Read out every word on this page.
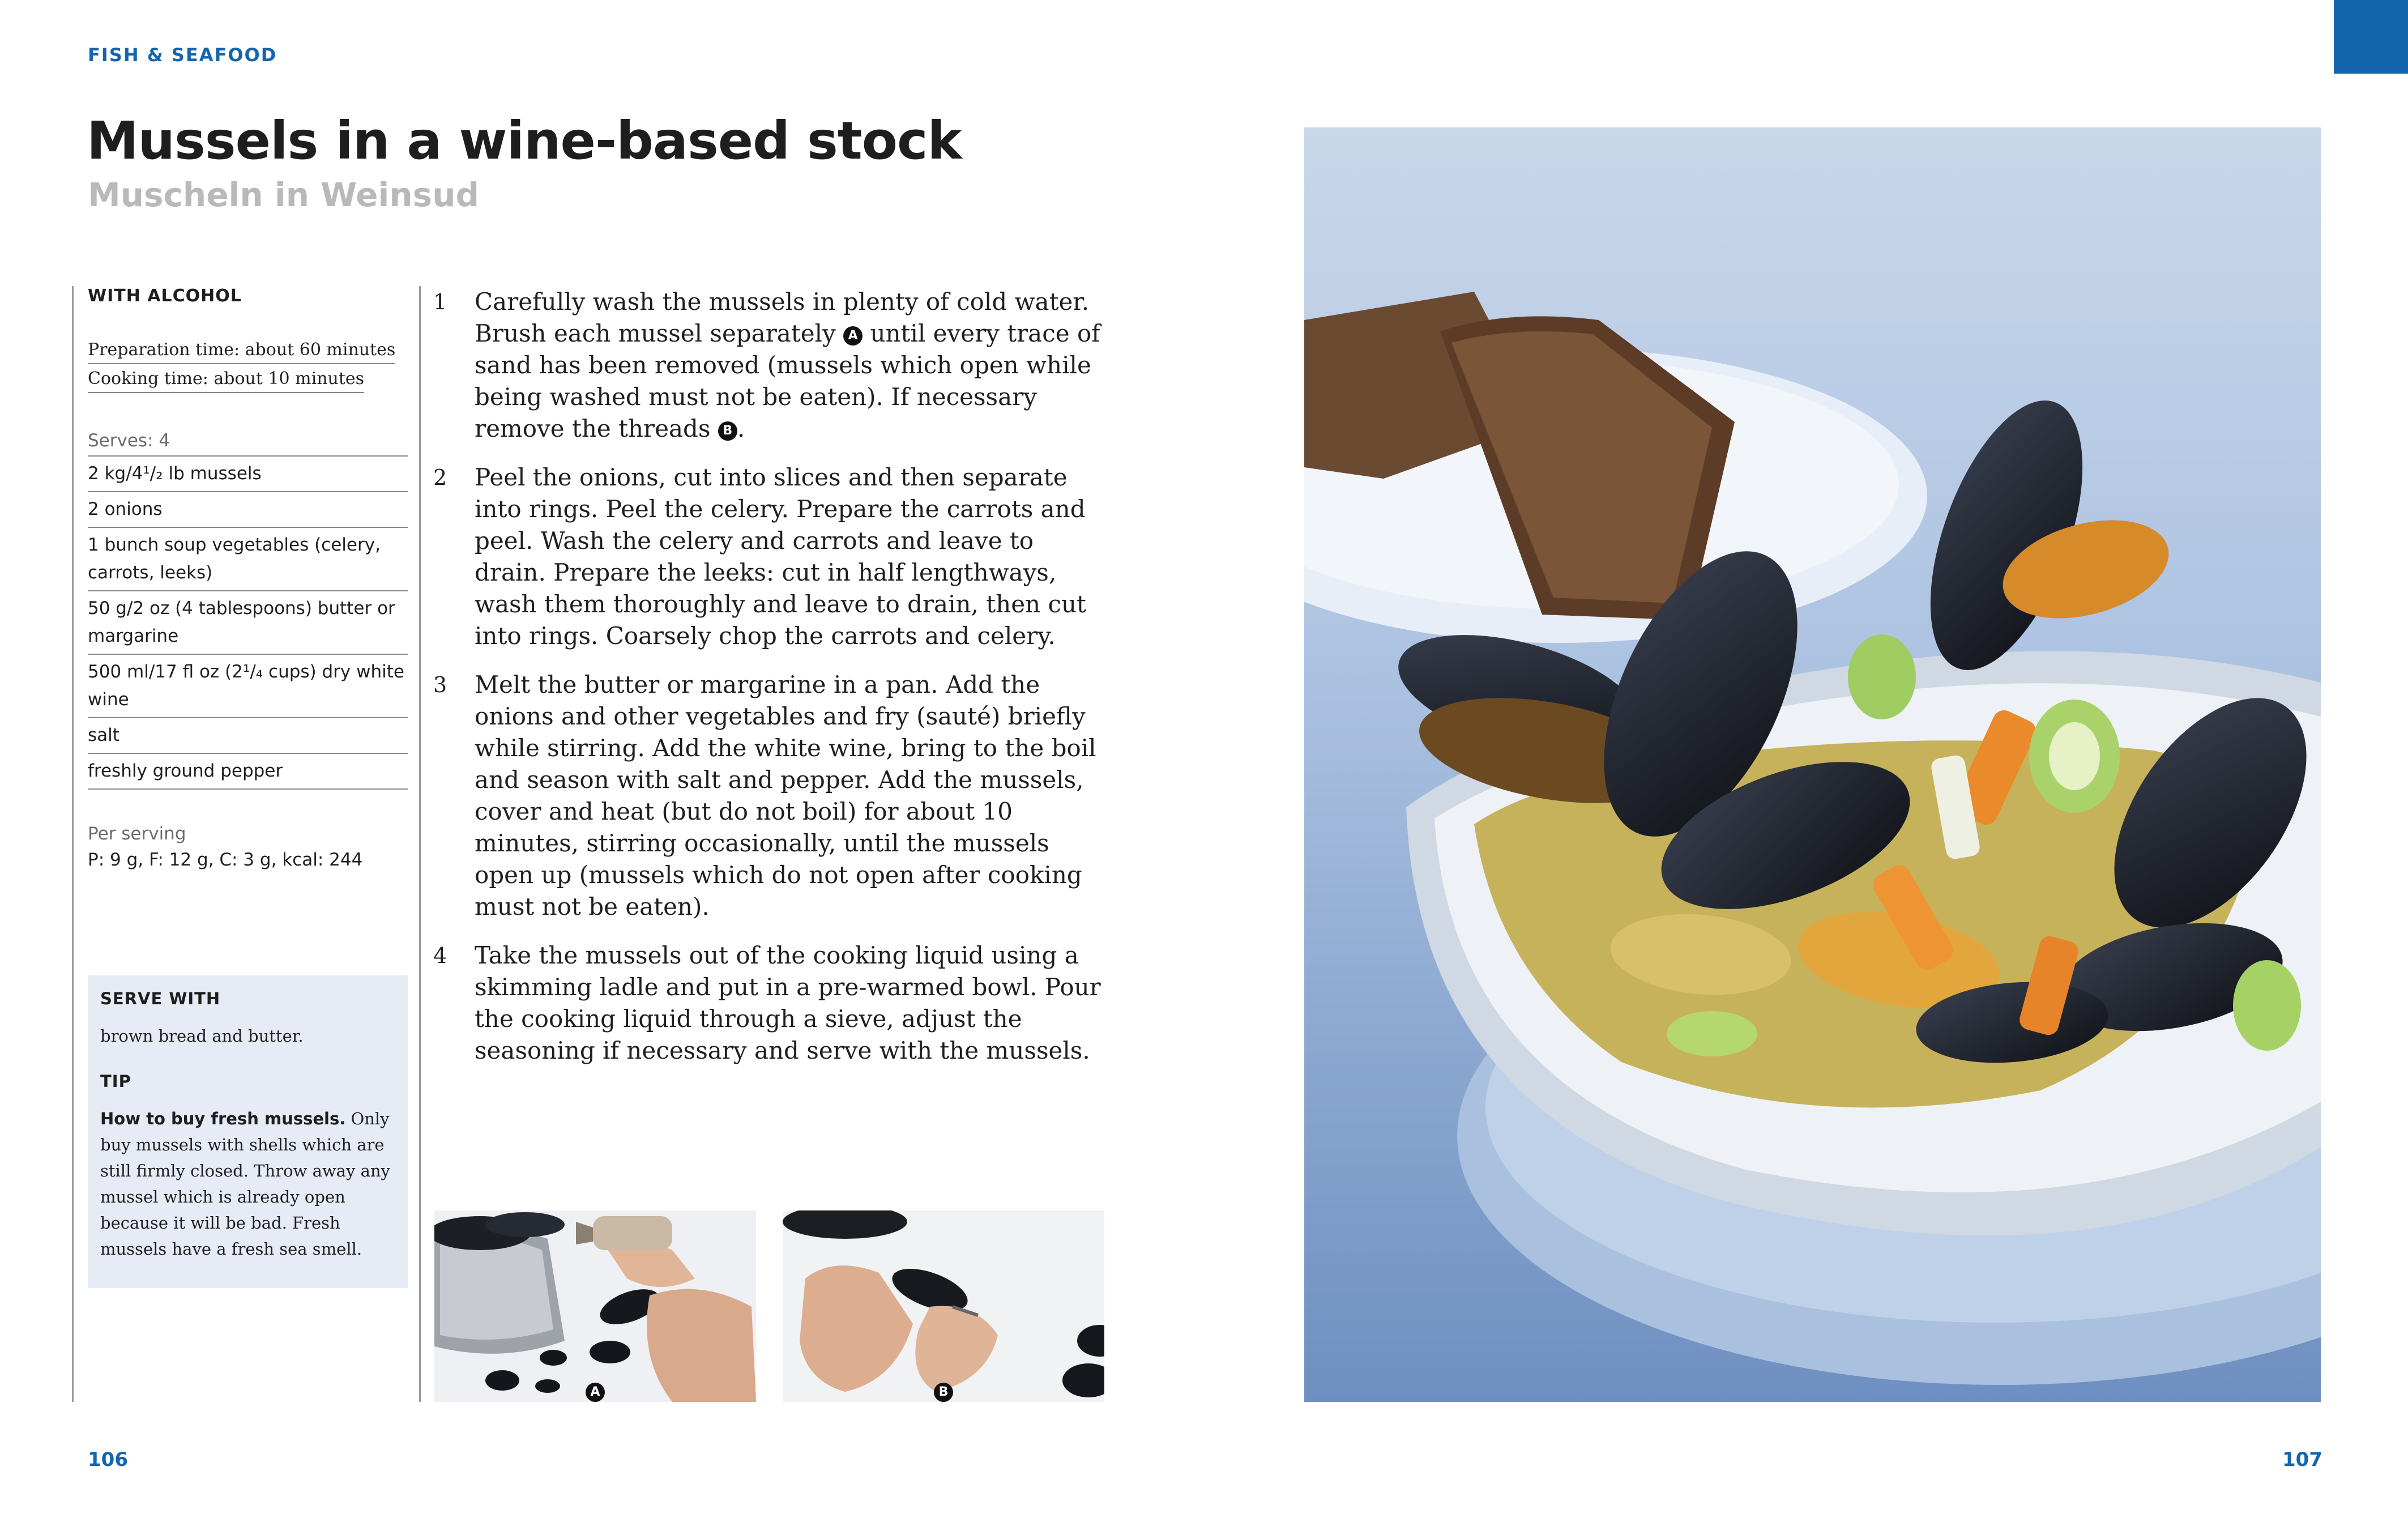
FISH & SEAFOOD
Mussels in a wine-based stock
Muscheln in Weinsud
WITH ALCOHOL
Preparation time: about 60 minutes
Cooking time: about 10 minutes
Serves: 4
2 kg/4¹/₂ lb mussels
2 onions
1 bunch soup vegetables (celery, carrots, leeks)
50 g/2 oz (4 tablespoons) butter or margarine
500 ml/17 fl oz (2¹/₄ cups) dry white wine
salt
freshly ground pepper
Per serving
P: 9 g, F: 12 g, C: 3 g, kcal: 244
SERVE WITH
brown bread and butter.
TIP
How to buy fresh mussels. Only buy mussels with shells which are still firmly closed. Throw away any mussel which is already open because it will be bad. Fresh mussels have a fresh sea smell.
1	Carefully wash the mussels in plenty of cold water. Brush each mussel separately A until every trace of sand has been removed (mussels which open while being washed must not be eaten). If necessary remove the threads B .
2	Peel the onions, cut into slices and then separate into rings. Peel the celery. Prepare the carrots and peel. Wash the celery and carrots and leave to drain. Prepare the leeks: cut in half lengthways, wash them thoroughly and leave to drain, then cut into rings. Coarsely chop the carrots and celery.
3	Melt the butter or margarine in a pan. Add the onions and other vegetables and fry (sauté) briefly while stirring. Add the white wine, bring to the boil and season with salt and pepper. Add the mussels, cover and heat (but do not boil) for about 10 minutes, stirring occasionally, until the mussels open up (mussels which do not open after cooking must not be eaten).
4	Take the mussels out of the cooking liquid using a skimming ladle and put in a pre-warmed bowl. Pour the cooking liquid through a sieve, adjust the seasoning if necessary and serve with the mussels.
A	B
106	107
